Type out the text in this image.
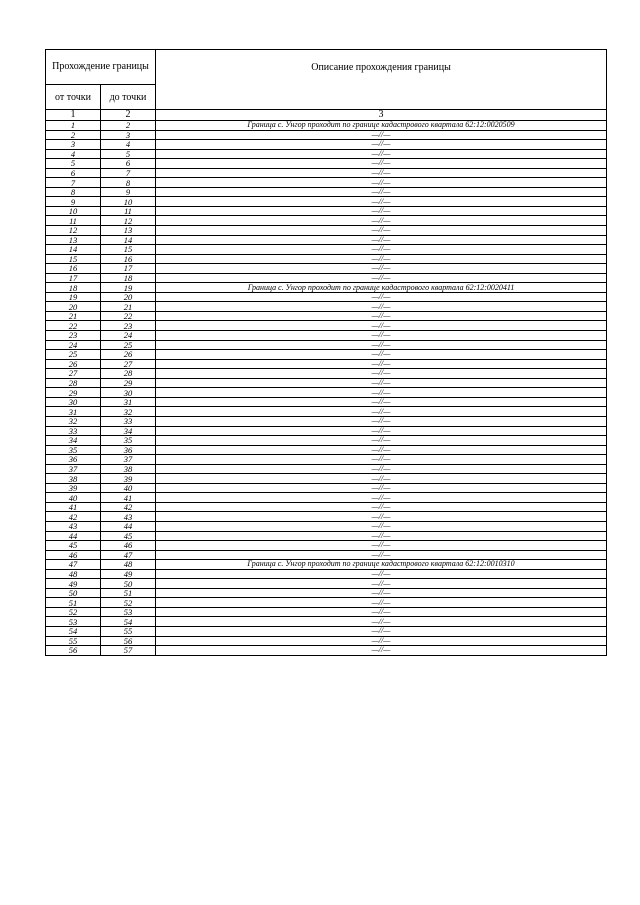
Прохождение границы		Описание прохождения границы
от точки	до точки	
1	2	3
1	2	Граница с. Унгор проходит по границе кадастрового квартала 62:12:0020509
2	3	—//—
3	4	—//—
4	5	—//—
5	6	—//—
6	7	—//—
7	8	—//—
8	9	—//—
9	10	—//—
10	11	—//—
11	12	—//—
12	13	—//—
13	14	—//—
14	15	—//—
15	16	—//—
16	17	—//—
17	18	—//—
18	19	Граница с. Унгор проходит по границе кадастрового квартала 62:12:0020411
19	20	—//—
20	21	—//—
21	22	—//—
22	23	—//—
23	24	—//—
24	25	—//—
25	26	—//—
26	27	—//—
27	28	—//—
28	29	—//—
29	30	—//—
30	31	—//—
31	32	—//—
32	33	—//—
33	34	—//—
34	35	—//—
35	36	—//—
36	37	—//—
37	38	—//—
38	39	—//—
39	40	—//—
40	41	—//—
41	42	—//—
42	43	—//—
43	44	—//—
44	45	—//—
45	46	—//—
46	47	—//—
47	48	Граница с. Унгор проходит по границе кадастрового квартала 62:12:0010310
48	49	—//—
49	50	—//—
50	51	—//—
51	52	—//—
52	53	—//—
53	54	—//—
54	55	—//—
55	56	—//—
56	57	—//—
